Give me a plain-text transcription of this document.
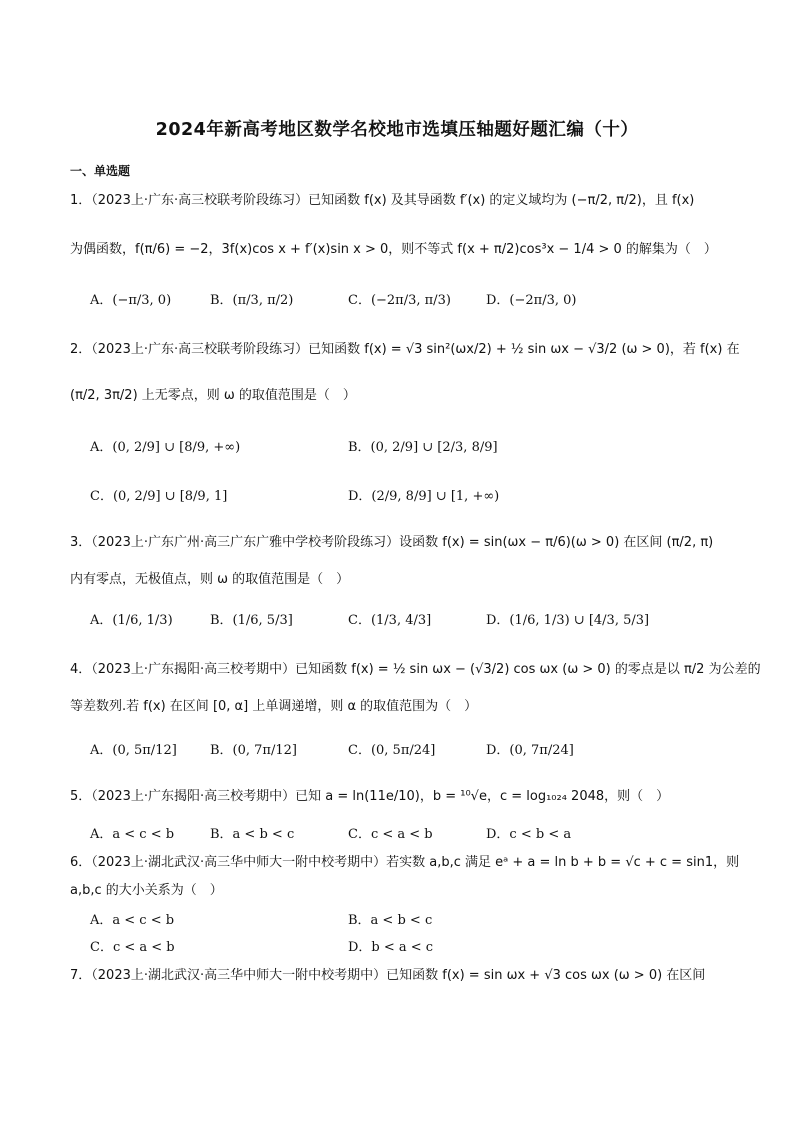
2024年新高考地区数学名校地市选填压轴题好题汇编（十）
一、单选题
1．（2023上·广东·高三校联考阶段练习）已知函数 f(x) 及其导函数 f′(x) 的定义域均为 (−π/2, π/2)，且 f(x)
为偶函数，f(π/6) = −2，3f(x)cos x + f′(x)sin x > 0，则不等式 f(x + π/2)cos³x − 1/4 > 0 的解集为（　）
A．(−π/3, 0)	B．(π/3, π/2)	C．(−2π/3, π/3)	D．(−2π/3, 0)
2．（2023上·广东·高三校联考阶段练习）已知函数 f(x) = √3 sin²(ωx/2) + ½ sin ωx − √3/2 (ω > 0)，若 f(x) 在
(π/2, 3π/2) 上无零点，则 ω 的取值范围是（　）
A．(0, 2/9] ∪ [8/9, +∞)	B．(0, 2/9] ∪ [2/3, 8/9]
C．(0, 2/9] ∪ [8/9, 1]	D．(2/9, 8/9] ∪ [1, +∞)
3．（2023上·广东广州·高三广东广雅中学校考阶段练习）设函数 f(x) = sin(ωx − π/6)(ω > 0) 在区间 (π/2, π)
内有零点，无极值点，则 ω 的取值范围是（　）
A．(1/6, 1/3)	B．(1/6, 5/3]	C．(1/3, 4/3]	D．(1/6, 1/3) ∪ [4/3, 5/3]
4．（2023上·广东揭阳·高三校考期中）已知函数 f(x) = ½ sin ωx − (√3/2) cos ωx (ω > 0) 的零点是以 π/2 为公差的
等差数列.若 f(x) 在区间 [0, α] 上单调递增，则 α 的取值范围为（　）
A．(0, 5π/12]	B．(0, 7π/12]	C．(0, 5π/24]	D．(0, 7π/24]
5．（2023上·广东揭阳·高三校考期中）已知 a = ln(11e/10)，b = ¹⁰√e，c = log₁₀₂₄ 2048，则（　）
A．a < c < b	B．a < b < c	C．c < a < b	D．c < b < a
6．（2023上·湖北武汉·高三华中师大一附中校考期中）若实数 a,b,c 满足 eᵃ + a = ln b + b = √c + c = sin1，则
a,b,c 的大小关系为（　）
A．a < c < b	B．a < b < c
C．c < a < b	D．b < a < c
7．（2023上·湖北武汉·高三华中师大一附中校考期中）已知函数 f(x) = sin ωx + √3 cos ωx (ω > 0) 在区间
